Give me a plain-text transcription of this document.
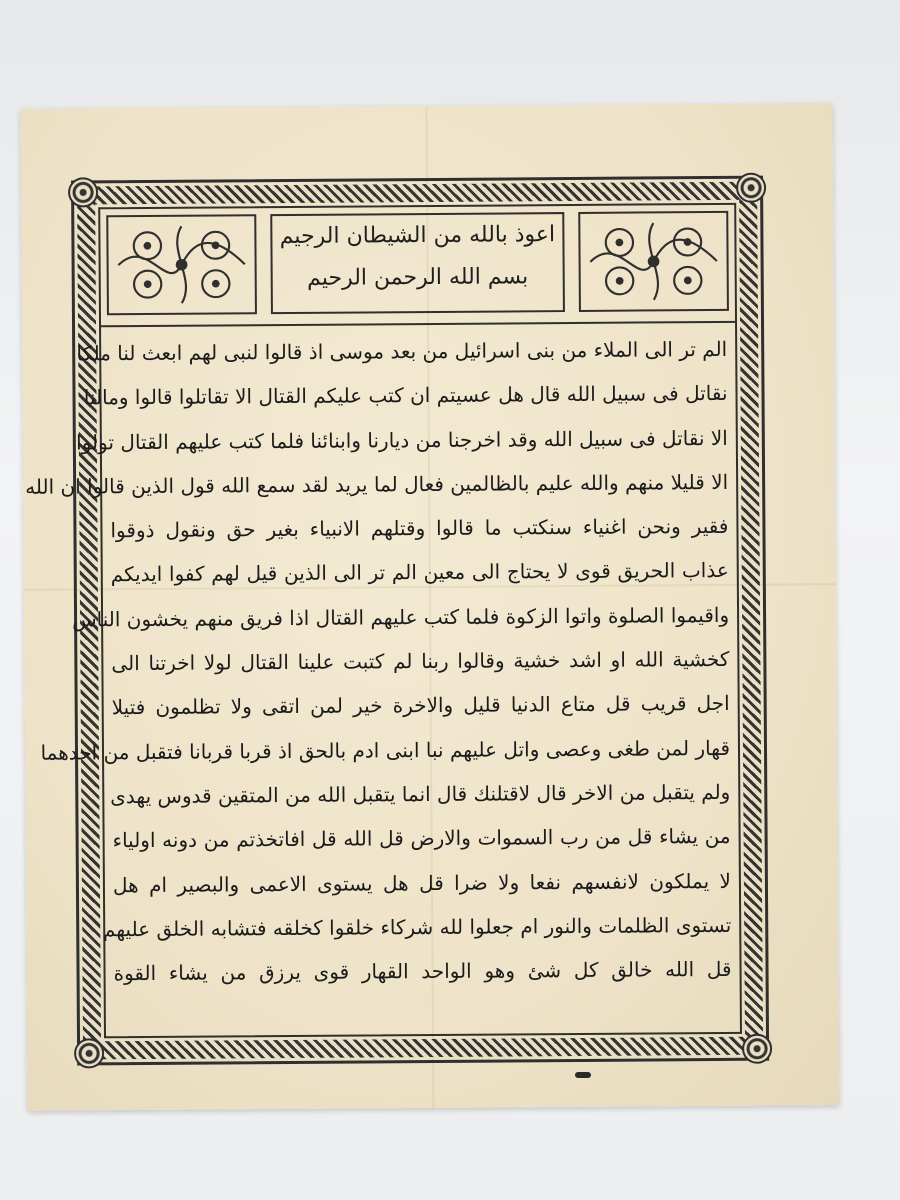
اعوذ بالله من الشيطان الرجيم
بسم الله الرحمن الرحيم
الم تر الى الملاء من بنى اسرائيل من بعد موسى اذ قالوا لنبى لهم ابعث لنا ملكا
نقاتل فى سبيل الله قال هل عسيتم ان كتب عليكم القتال الا تقاتلوا قالوا ومالنا
الا نقاتل فى سبيل الله وقد اخرجنا من ديارنا وابنائنا فلما كتب عليهم القتال تولوا
الا قليلا منهم والله عليم بالظالمين فعال لما يريد لقد سمع الله قول الذين قالوا ان الله
فقير ونحن اغنياء سنكتب ما قالوا وقتلهم الانبياء بغير حق ونقول ذوقوا
عذاب الحريق قوى لا يحتاج الى معين الم تر الى الذين قيل لهم كفوا ايديكم
واقيموا الصلوة واتوا الزكوة فلما كتب عليهم القتال اذا فريق منهم يخشون الناس
كخشية الله او اشد خشية وقالوا ربنا لم كتبت علينا القتال لولا اخرتنا الى
اجل قريب قل متاع الدنيا قليل والاخرة خير لمن اتقى ولا تظلمون فتيلا
قهار لمن طغى وعصى واتل عليهم نبا ابنى ادم بالحق اذ قربا قربانا فتقبل من احدهما
ولم يتقبل من الاخر قال لاقتلنك قال انما يتقبل الله من المتقين قدوس يهدى
من يشاء قل من رب السموات والارض قل الله قل افاتخذتم من دونه اولياء
لا يملكون لانفسهم نفعا ولا ضرا قل هل يستوى الاعمى والبصير ام هل
تستوى الظلمات والنور ام جعلوا لله شركاء خلقوا كخلقه فتشابه الخلق عليهم
قل الله خالق كل شئ وهو الواحد القهار قوى يرزق من يشاء القوة
